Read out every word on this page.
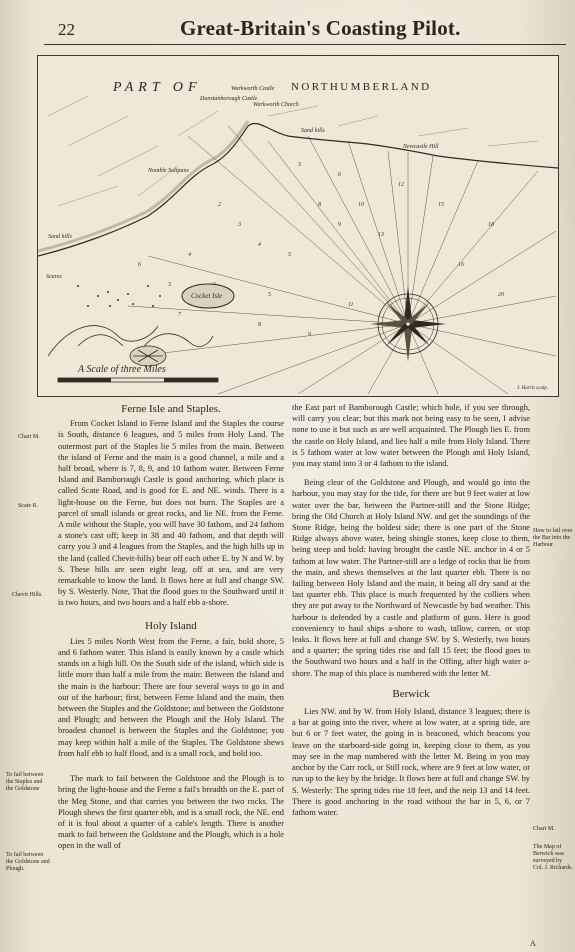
22	Great-Britain's Coasting Pilot.
2
3
4
4
5
5
8
9
10
13
3
6
12
15
18
16
20
3
6
7
8
9
11
PART OF	NORTHUMBERLAND
Dunstanborough Castle
Warkworth Castle
Warkworth Church
Sand hills
Newcastle Hill
Nomble Saltpans
Sand hills
Scares
Cocket Isle
A Scale of three Miles
J. Harris sculp.
Ferne Isle and Staples.

From Cocket Island to Ferne Island and the Staples the course is South, distance 6 leagues, and 5 miles from Holy Land. The outermost part of the Staples lie 5 miles from the main. Between the island of Ferne and the main is a good channel, a mile and a half broad, where is 7, 8, 9, and 10 fathom water. Between Ferne Island and Bamborough Castle is good anchoring, which place is called Scate Road, and is good for E. and NE. winds. There is a light-house on the Ferne, but does not burn. The Staples are a parcel of small islands or great rocks, and lie NE. from the Ferne. A mile without the Staple, you will have 30 fathom, and 24 fathom a stone's cast off; keep in 38 and 40 fathom, and that depth will carry you 3 and 4 leagues from the Staples, and the high hills up in the land (called Chevit-hills) bear off each other E. by N and W. by S. These hills are seen eight leag. off at sea, and are very remarkable to know the land. It flows here at full and change SW. by S. Westerly. Note, That the flood goes to the Southward until it is two hours, and two hours and a half ebb a-shore.

Holy Island

Lies 5 miles North West from the Ferne, a fair, bold shore, 5 and 6 fathom water. This island is easily known by a castle which stands on a high hill. On the South side of the island, which side is little more than half a mile from the main: Between the island and the main is the harbour: There are four several ways to go in and out of the harbour; first, between Ferne Island and the main, then between the Staples and the Goldstone; and between the Goldstone and Plough; and between the Plough and the Holy Island. The broadest channel is between the Staples and the Goldstone; you may keep within half a mile of the Staples. The Goldstone shews from half ebb to half flood, and is a small rock, and bold too.

The mark to fail between the Goldstone and the Plough is to bring the light-house and the Ferne a fail's breadth on the E. part of the Meg Stone, and that carries you between the two rocks. The Plough shews the first quarter ebb, and is a small rock, the NE. end of it is foul about a quarter of a cable's length. There is another mark to fail between the Goldstone and the Plough, which is a hole open in the wall of

the East part of Bamborough Castle; which hole, if you see through, will carry you clear; but this mark not being easy to be seen, I advise none to use it but such as are well acquainted. The Plough lies E. from the castle on Holy Island, and lies half a mile from Holy Island. There is 5 fathom water at low water between the Plough and Holy Island, you may stand into 3 or 4 fathom to the island.

Being clear of the Goldstone and Plough, and would go into the harbour, you may stay for the tide, for there are but 9 feet water at low water over the bar, between the Partner-still and the Stone Ridge; bring the Old Church at Holy Island NW. and get the soundings of the Stone Ridge, being the boldest side; there is one part of the Stone Ridge always above water, being shingle stones, keep close to them, being steep and bold: having brought the castle NE. anchor in 4 or 5 fathom at low water. The Partner-still are a ledge of rocks that lie from the main, and shews themselves at the last quarter ebb. There is no failing between Holy Island and the main, it being all dry sand at the last quarter ebb. This place is much frequented by the colliers when they are put away to the Northward of Newcastle by bad weather. This harbour is defended by a castle and platform of guns. Here is good conveniency to haul ships a-shore to wash, tallow, careen, or stop leaks. It flows here at full and change SW. by S. Westerly, two hours and a quarter; the spring tides rise and fall 15 feet; the flood goes to the Southward two hours and a half in the Offing, after high water a-shore. The map of this place is numbered with the letter M.

Berwick

Lies NW. and by W. from Holy Island, distance 3 leagues; there is a bar at going into the river, where at low water, at a spring tide, are but 6 or 7 feet water, the going in is beaconed, which beacons you leave on the starboard-side going in, keeping close to them, as you may see in the map numbered with the letter M. Being in you may anchor by the Carr rock, or Still rock, where are 9 feet at low water, or run up to the key by the bridge. It flows here at full and change SW. by S. Westerly: The spring tides rise 18 feet, and the neip 13 and 14 feet. There is good anchoring in the road without the bar in 5, 6, or 7 fathom water.

Chart M.
Scate R.
Chevit Hills.
To fail between the Staples and the Goldstone
To fail between the Goldstone and Plough.
How to fail over the Bar into the Harbour.
Chart M.
The Map of Berwick was surveyed by Col. J. Richards.
A
